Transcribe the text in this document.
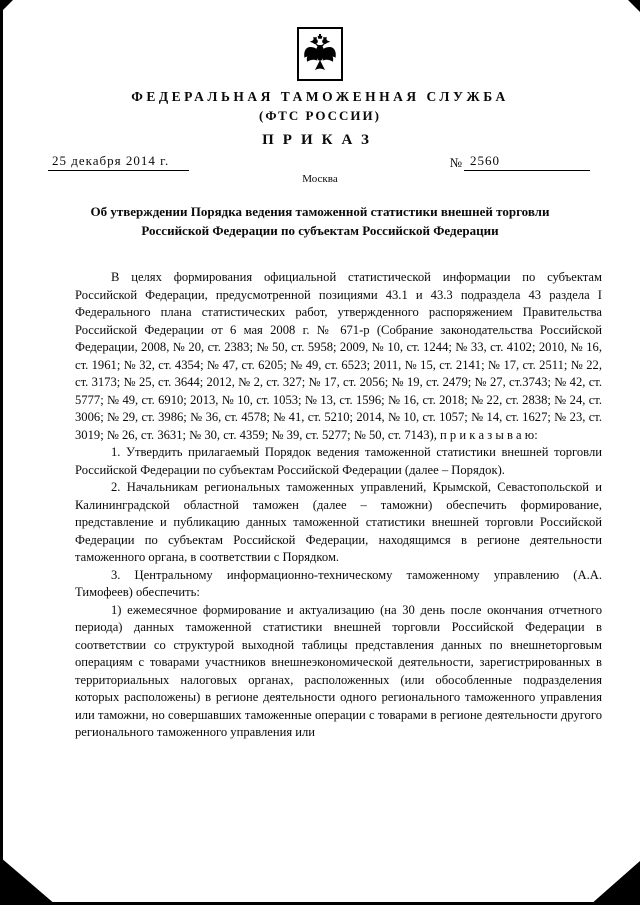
ФЕДЕРАЛЬНАЯ ТАМОЖЕННАЯ СЛУЖБА
(ФТС РОССИИ)
ПРИКАЗ
25 декабря 2014 г.	№ 2560
Москва
Об утверждении Порядка ведения таможенной статистики внешней торговли
Российской Федерации по субъектам Российской Федерации

В целях формирования официальной статистической информации по субъектам Российской Федерации, предусмотренной позициями 43.1 и 43.3 подраздела 43 раздела I Федерального плана статистических работ, утвержденного распоряжением Правительства Российской Федерации от 6 мая 2008 г. № 671-р (Собрание законодательства Российской Федерации, 2008, № 20, ст. 2383; № 50, ст. 5958; 2009, № 10, ст. 1244; № 33, ст. 4102; 2010, № 16, ст. 1961; № 32, ст. 4354; № 47, ст. 6205; № 49, ст. 6523; 2011, № 15, ст. 2141; № 17, ст. 2511; № 22, ст. 3173; № 25, ст. 3644; 2012, № 2, ст. 327; № 17, ст. 2056; № 19, ст. 2479; № 27, ст.3743; № 42, ст. 5777; № 49, ст. 6910; 2013, № 10, ст. 1053; № 13, ст. 1596; № 16, ст. 2018; № 22, ст. 2838; № 24, ст. 3006; № 29, ст. 3986; № 36, ст. 4578; № 41, ст. 5210; 2014, № 10, ст. 1057; № 14, ст. 1627; № 23, ст. 3019; № 26, ст. 3631; № 30, ст. 4359; № 39, ст. 5277; № 50, ст. 7143), п р и к а з ы в а ю:

1. Утвердить прилагаемый Порядок ведения таможенной статистики внешней торговли Российской Федерации по субъектам Российской Федерации (далее – Порядок).

2. Начальникам региональных таможенных управлений, Крымской, Севастопольской и Калининградской областной таможен (далее – таможни) обеспечить формирование, представление и публикацию данных таможенной статистики внешней торговли Российской Федерации по субъектам Российской Федерации, находящимся в регионе деятельности таможенного органа, в соответствии с Порядком.

3. Центральному информационно-техническому таможенному управлению (А.А. Тимофеев) обеспечить:

1) ежемесячное формирование и актуализацию (на 30 день после окончания отчетного периода) данных таможенной статистики внешней торговли Российской Федерации в соответствии со структурой выходной таблицы представления данных по внешнеторговым операциям с товарами участников внешнеэкономической деятельности, зарегистрированных в территориальных налоговых органах, расположенных (или обособленные подразделения которых расположены) в регионе деятельности одного регионального таможенного управления или таможни, но совершавших таможенные операции с товарами в регионе деятельности другого регионального таможенного управления или
